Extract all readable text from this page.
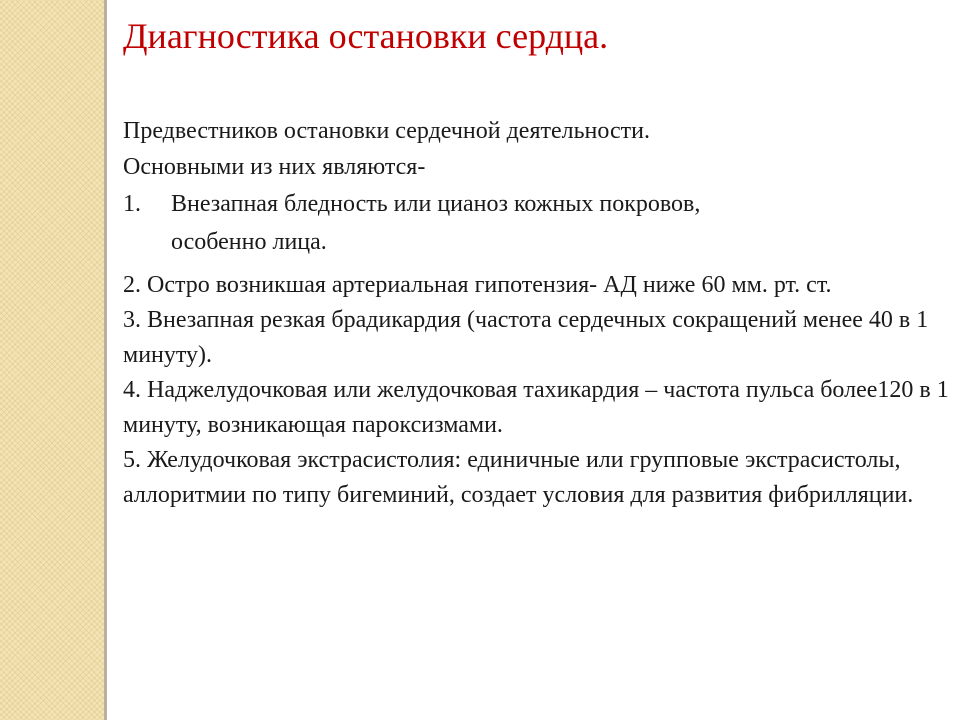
Диагностика остановки сердца.

Предвестников остановки сердечной деятельности.

Основными из них являются-

1. Внезапная бледность или цианоз кожных покровов,
особенно лица.

2. Остро возникшая артериальная гипотензия- АД ниже 60 мм. рт. ст.

3. Внезапная резкая брадикардия (частота сердечных сокращений менее 40 в 1 минуту).

4. Наджелудочковая или желудочковая тахикардия – частота пульса более120 в 1 минуту, возникающая пароксизмами.

5. Желудочковая экстрасистолия: единичные или групповые экстрасистолы, аллоритмии по типу бигеминий, создает условия для развития фибрилляции.
